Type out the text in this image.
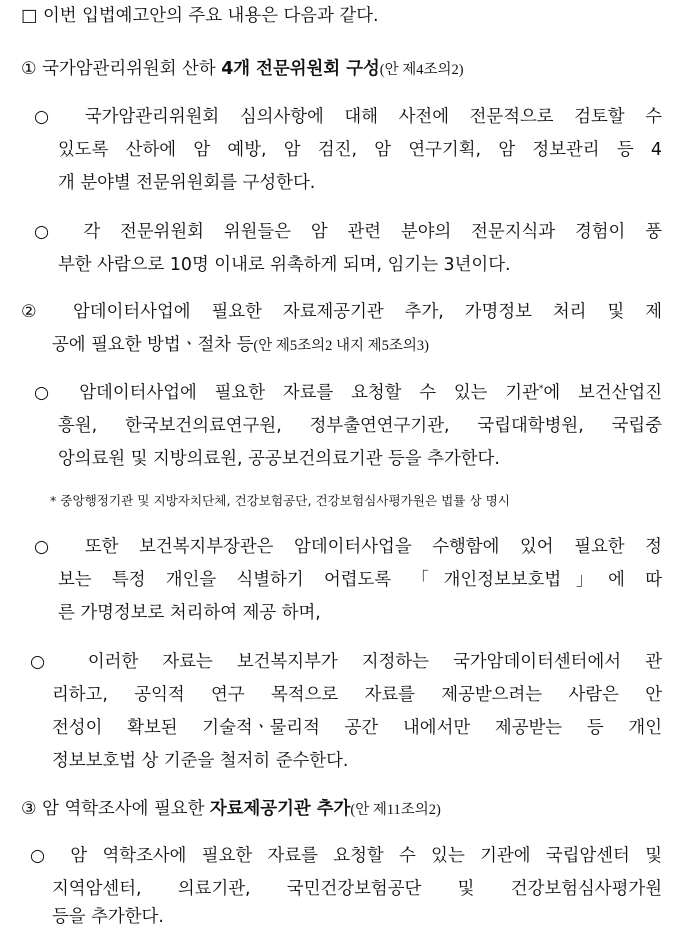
□ 이번 입법예고안의 주요 내용은 다음과 같다.
① 국가암관리위원회 산하 4개 전문위원회 구성(안 제4조의2)
○ 국가암관리위원회 심의사항에 대해 사전에 전문적으로 검토할 수
있도록 산하에 암 예방, 암 검진, 암 연구기획, 암 정보관리 등 4
개 분야별 전문위원회를 구성한다.
○ 각 전문위원회 위원들은 암 관련 분야의 전문지식과 경험이 풍
부한 사람으로 10명 이내로 위촉하게 되며, 임기는 3년이다.
② 암데이터사업에 필요한 자료제공기관 추가, 가명정보 처리 및 제
공에 필요한 방법ㆍ절차 등(안 제5조의2 내지 제5조의3)
○ 암데이터사업에 필요한 자료를 요청할 수 있는 기관*에 보건산업진
흥원, 한국보건의료연구원, 정부출연연구기관, 국립대학병원, 국립중
앙의료원 및 지방의료원, 공공보건의료기관 등을 추가한다.
* 중앙행정기관 및 지방자치단체, 건강보험공단, 건강보험심사평가원은 법률 상 명시
○ 또한 보건복지부장관은 암데이터사업을 수행함에 있어 필요한 정
보는 특정 개인을 식별하기 어렵도록 「개인정보보호법」에 따
른 가명정보로 처리하여 제공 하며,
○ 이러한 자료는 보건복지부가 지정하는 국가암데이터센터에서 관
리하고, 공익적 연구 목적으로 자료를 제공받으려는 사람은 안
전성이 확보된 기술적ㆍ물리적 공간 내에서만 제공받는 등 개인
정보보호법 상 기준을 철저히 준수한다.
③ 암 역학조사에 필요한 자료제공기관 추가(안 제11조의2)
○ 암 역학조사에 필요한 자료를 요청할 수 있는 기관에 국립암센터 및
지역암센터, 의료기관, 국민건강보험공단 및 건강보험심사평가원
등을 추가한다.
